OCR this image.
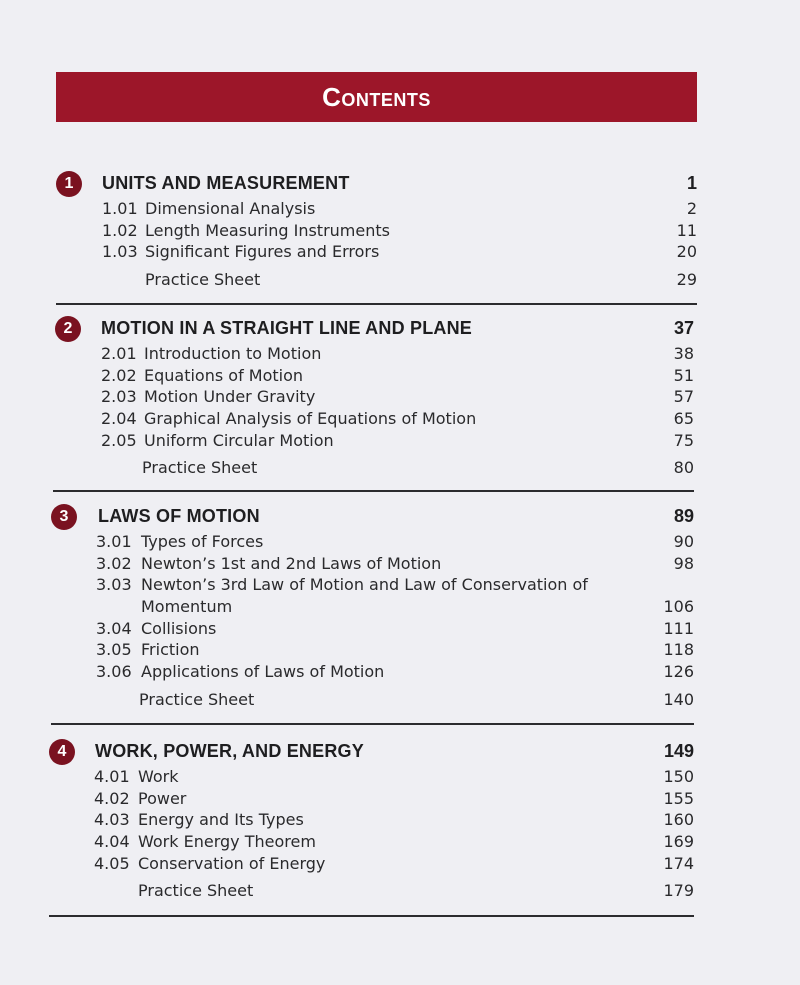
Contents
1	UNITS AND MEASUREMENT	1
1.01 Dimensional Analysis	2
1.02 Length Measuring Instruments	11
1.03 Significant Figures and Errors	20
Practice Sheet	29
2	MOTION IN A STRAIGHT LINE AND PLANE	37
2.01 Introduction to Motion	38
2.02 Equations of Motion	51
2.03 Motion Under Gravity	57
2.04 Graphical Analysis of Equations of Motion	65
2.05 Uniform Circular Motion	75
Practice Sheet	80
3	LAWS OF MOTION	89
3.01 Types of Forces	90
3.02 Newton’s 1st and 2nd Laws of Motion	98
3.03 Newton’s 3rd Law of Motion and Law of Conservation of
Momentum	106
3.04 Collisions	111
3.05 Friction	118
3.06 Applications of Laws of Motion	126
Practice Sheet	140
4	WORK, POWER, AND ENERGY	149
4.01 Work	150
4.02 Power	155
4.03 Energy and Its Types	160
4.04 Work Energy Theorem	169
4.05 Conservation of Energy	174
Practice Sheet	179
